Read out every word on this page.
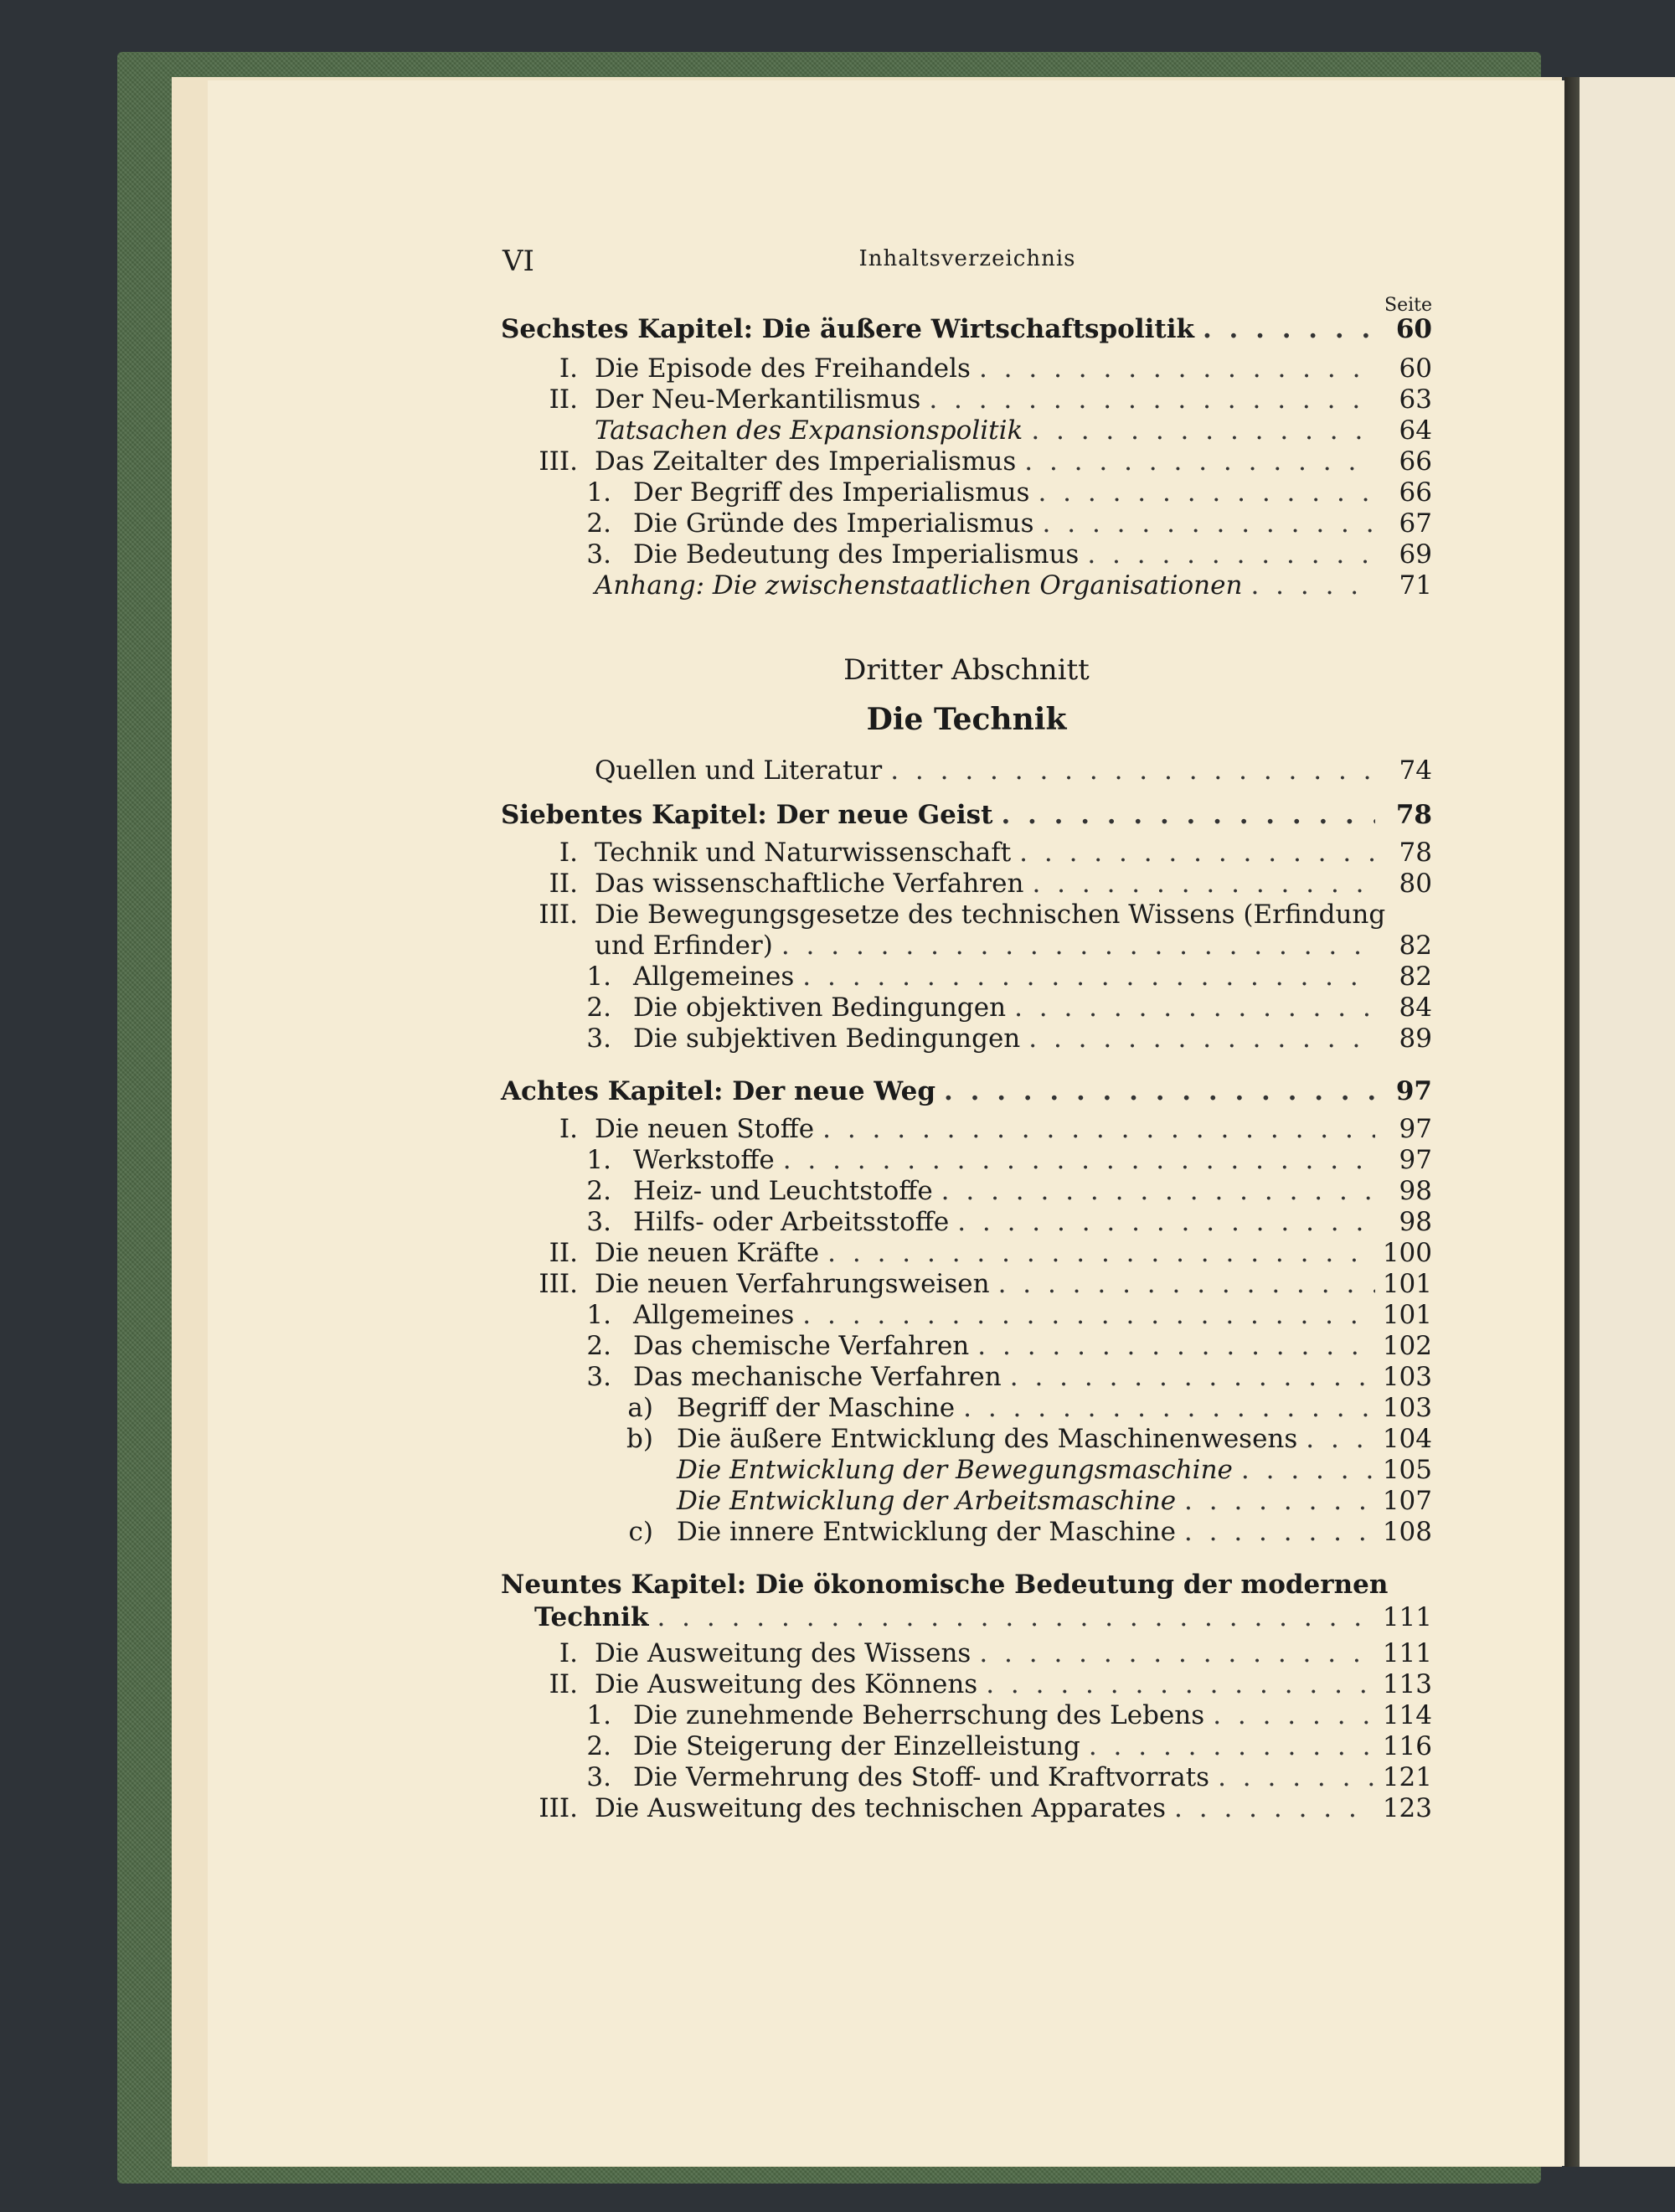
VI	Inhaltsverzeichnis
Seite
Sechstes Kapitel: Die äußere Wirtschaftspolitik . . .	60
I. Die Episode des Freihandels . . .	60
II. Der Neu-Merkantilismus . . .	63
Tatsachen des Expansionspolitik . . .	64
III. Das Zeitalter des Imperialismus . . .	66
1. Der Begriff des Imperialismus . . .	66
2. Die Gründe des Imperialismus . . .	67
3. Die Bedeutung des Imperialismus . . .	69
Anhang: Die zwischenstaatlichen Organisationen . . .	71
Dritter Abschnitt
Die Technik
Quellen und Literatur . . .	74
Siebentes Kapitel: Der neue Geist . . .	78
I. Technik und Naturwissenschaft . . .	78
II. Das wissenschaftliche Verfahren . . .	80
III. Die Bewegungsgesetze des technischen Wissens (Erfindung
und Erfinder) . . .	82
1. Allgemeines . . .	82
2. Die objektiven Bedingungen . . .	84
3. Die subjektiven Bedingungen . . .	89
Achtes Kapitel: Der neue Weg . . .	97
I. Die neuen Stoffe . . .	97
1. Werkstoffe . . .	97
2. Heiz- und Leuchtstoffe . . .	98
3. Hilfs- oder Arbeitsstoffe . . .	98
II. Die neuen Kräfte . . .	100
III. Die neuen Verfahrungsweisen . . .	101
1. Allgemeines . . .	101
2. Das chemische Verfahren . . .	102
3. Das mechanische Verfahren . . .	103
a) Begriff der Maschine . . .	103
b) Die äußere Entwicklung des Maschinenwesens . . .	104
Die Entwicklung der Bewegungsmaschine . . .	105
Die Entwicklung der Arbeitsmaschine . . .	107
c) Die innere Entwicklung der Maschine . . .	108
Neuntes Kapitel: Die ökonomische Bedeutung der modernen
Technik . . .	111
I. Die Ausweitung des Wissens . . .	111
II. Die Ausweitung des Könnens . . .	113
1. Die zunehmende Beherrschung des Lebens . . .	114
2. Die Steigerung der Einzelleistung . . .	116
3. Die Vermehrung des Stoff- und Kraftvorrats . . .	121
III. Die Ausweitung des technischen Apparates . . .	123
